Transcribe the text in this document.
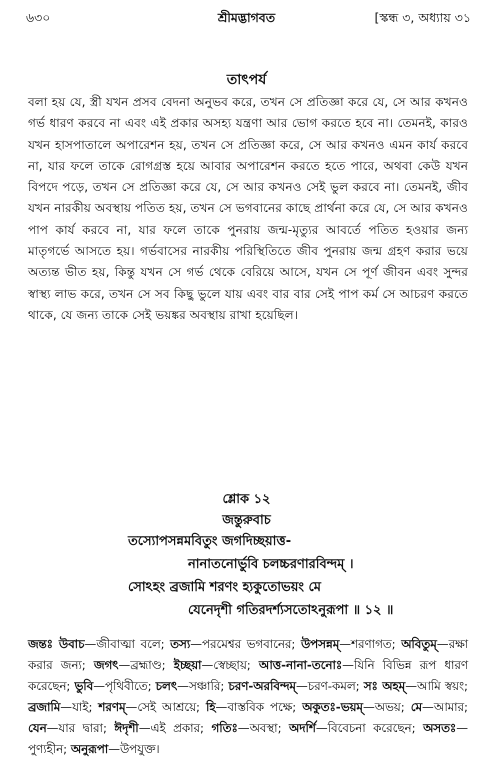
৬৩০	শ্রীমদ্ভাগবত	[স্কন্ধ ৩, অধ্যায় ৩১
তাৎপর্য

বলা হয় যে, স্ত্রী যখন প্রসব বেদনা অনুভব করে, তখন সে প্রতিজ্ঞা করে যে, সে আর কখনও গর্ভ ধারণ করবে না এবং এই প্রকার অসহ্য যন্ত্রণা আর ভোগ করতে হবে না। তেমনই, কারও যখন হাসপাতালে অপারেশন হয়, তখন সে প্রতিজ্ঞা করে, সে আর কখনও এমন কার্য করবে না, যার ফলে তাকে রোগগ্রস্ত হয়ে আবার অপারেশন করতে হতে পারে, অথবা কেউ যখন বিপদে পড়ে, তখন সে প্রতিজ্ঞা করে যে, সে আর কখনও সেই ভুল করবে না। তেমনই, জীব যখন নারকীয় অবস্থায় পতিত হয়, তখন সে ভগবানের কাছে প্রার্থনা করে যে, সে আর কখনও পাপ কার্য করবে না, যার ফলে তাকে পুনরায় জন্ম-মৃত্যুর আবর্তে পতিত হওয়ার জন্য মাতৃগর্ভে আসতে হয়। গর্ভবাসের নারকীয় পরিস্থিতিতে জীব পুনরায় জন্ম গ্রহণ করার ভয়ে অত্যন্ত ভীত হয়, কিন্তু যখন সে গর্ভ থেকে বেরিয়ে আসে, যখন সে পূর্ণ জীবন এবং সুন্দর স্বাস্থ্য লাভ করে, তখন সে সব কিছু ভুলে যায় এবং বার বার সেই পাপ কর্ম সে আচরণ করতে থাকে, যে জন্য তাকে সেই ভয়ঙ্কর অবস্থায় রাখা হয়েছিল।

শ্লোক ১২
জন্তুরুবাচ
তস্যোপসন্নমবিতুং জগদিচ্ছয়াত্ত-
নানাতনোর্ভুবি চলচ্চরণারবিন্দম্ ।
সোঽহং ব্রজামি শরণং হ্যকুতোভয়ং মে
যেনেদৃশী গতিরদর্শ্যসতোঽনুরূপা ॥ ১২ ॥

জন্তঃ উবাচ—জীবাত্মা বলে; তস্য—পরমেশ্বর ভগবানের; উপসন্নম্—শরণাগত; অবিতুম্—রক্ষা করার জন্য; জগৎ—ব্রহ্মাণ্ড; ইচ্ছয়া—স্বেচ্ছায়; আত্ত-নানা-তনোঃ—যিনি বিভিন্ন রূপ ধারণ করেছেন; ভুবি—পৃথিবীতে; চলৎ—সঞ্চারি; চরণ-অরবিন্দম্—চরণ-কমল; সঃ অহম্—আমি স্বয়ং; ব্রজামি—যাই; শরণম্—সেই আশ্রয়ে; হি—বাস্তবিক পক্ষে; অকুতঃ-ভয়ম্—অভয়; মে—আমার; যেন—যার দ্বারা; ঈদৃশী—এই প্রকার; গতিঃ—অবস্থা; অদর্শি—বিবেচনা করেছেন; অসতঃ—পুণ্যহীন; অনুরূপা—উপযুক্ত।
